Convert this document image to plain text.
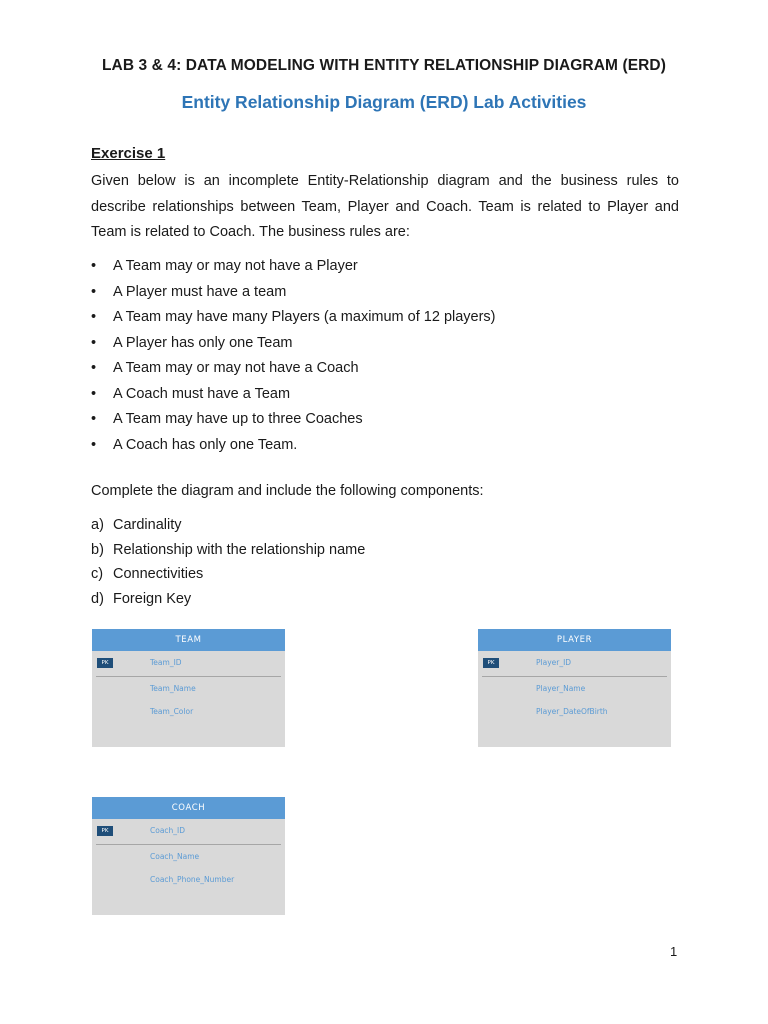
LAB 3 & 4: DATA MODELING WITH ENTITY RELATIONSHIP DIAGRAM (ERD)
Entity Relationship Diagram (ERD) Lab Activities
Exercise 1

Given below is an incomplete Entity-Relationship diagram and the business rules to describe relationships between Team, Player and Coach. Team is related to Player and Team is related to Coach. The business rules are:

• A Team may or may not have a Player
• A Player must have a team
• A Team may have many Players (a maximum of 12 players)
• A Player has only one Team
• A Team may or may not have a Coach
• A Coach must have a Team
• A Team may have up to three Coaches
• A Coach has only one Team.

Complete the diagram and include the following components:

a) Cardinality
b) Relationship with the relationship name
c) Connectivities
d) Foreign Key
TEAM
PK	Team_ID
Team_Name
Team_Color
PLAYER
PK	Player_ID
Player_Name
Player_DateOfBirth
COACH
PK	Coach_ID
Coach_Name
Coach_Phone_Number
1
